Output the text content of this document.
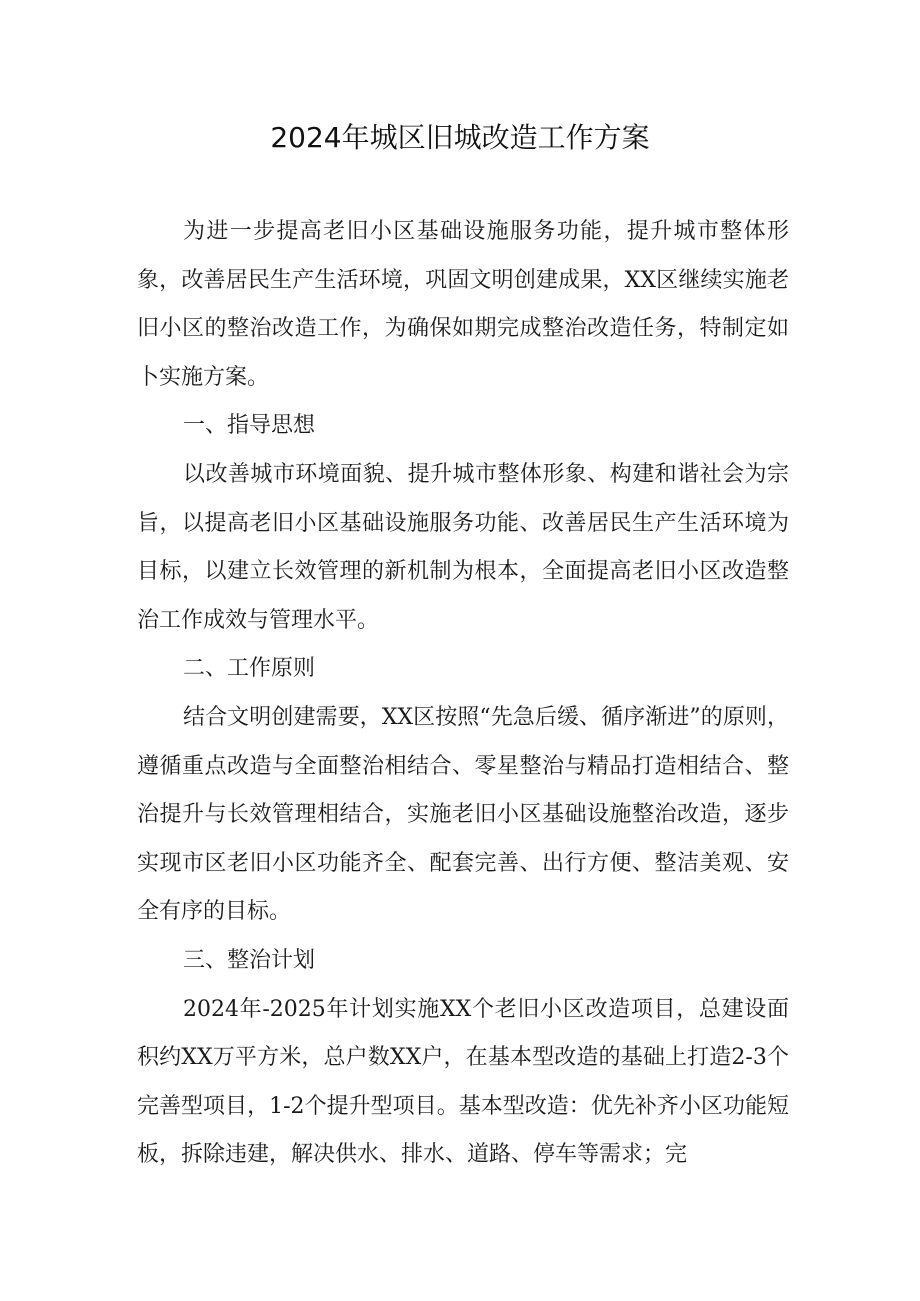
2024年城区旧城改造工作方案

为进一步提高老旧小区基础设施服务功能，提升城市整体形象，改善居民生产生活环境，巩固文明创建成果，XX区继续实施老旧小区的整治改造工作，为确保如期完成整治改造任务，特制定如卜实施方案。

一、指导思想

以改善城市环境面貌、提升城市整体形象、构建和谐社会为宗旨，以提高老旧小区基础设施服务功能、改善居民生产生活环境为目标，以建立长效管理的新机制为根本，全面提高老旧小区改造整治工作成效与管理水平。

二、工作原则

结合文明创建需要，XX区按照“先急后缓、循序渐进”的原则，遵循重点改造与全面整治相结合、零星整治与精品打造相结合、整治提升与长效管理相结合，实施老旧小区基础设施整治改造，逐步实现市区老旧小区功能齐全、配套完善、出行方便、整洁美观、安全有序的目标。

三、整治计划

2024年-2025年计划实施XX个老旧小区改造项目，总建设面积约XX万平方米，总户数XX户，在基本型改造的基础上打造2-3个完善型项目，1-2个提升型项目。基本型改造：优先补齐小区功能短板，拆除违建，解决供水、排水、道路、停车等需求；完
